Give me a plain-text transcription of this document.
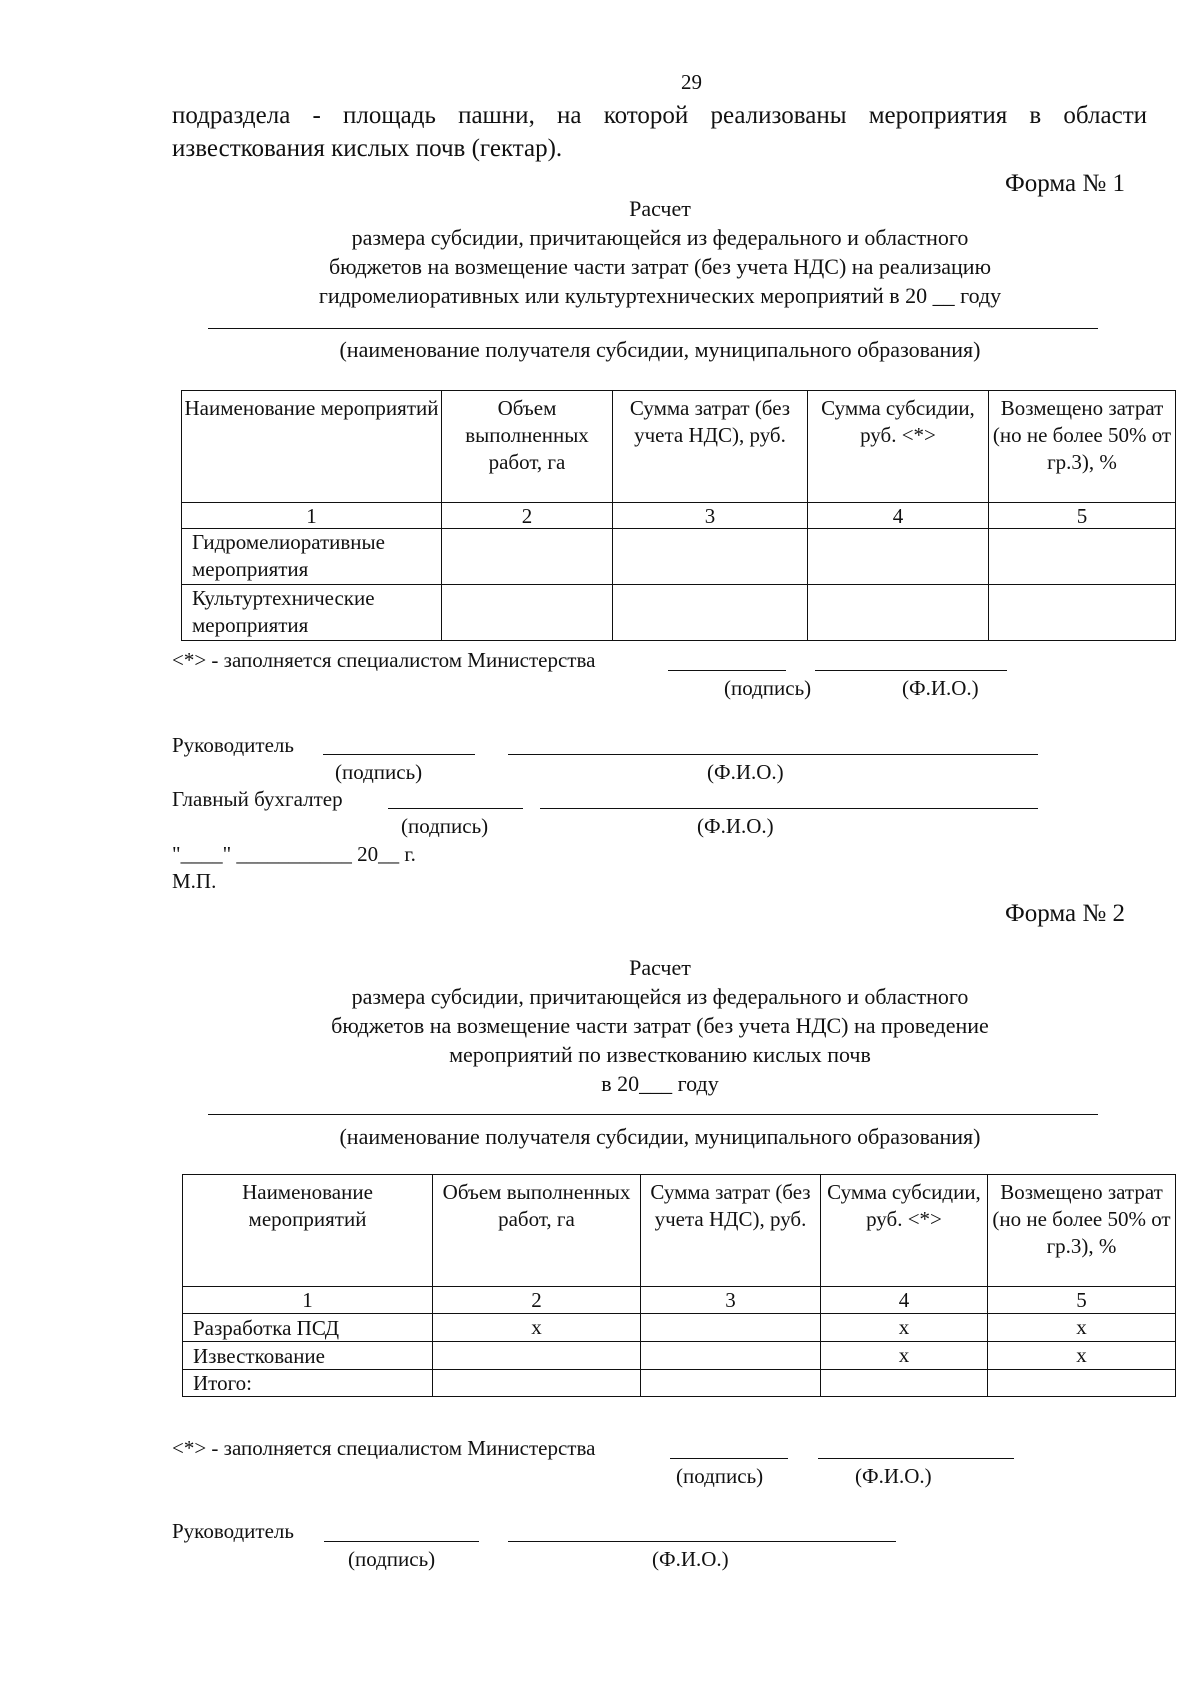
29
подраздела - площадь пашни, на которой реализованы мероприятия в области
известкования кислых почв (гектар).
Форма № 1
Расчет
размера субсидии, причитающейся из федерального и областного
бюджетов на возмещение части затрат (без учета НДС) на реализацию
гидромелиоративных или культуртехнических мероприятий в 20 __ году
(наименование получателя субсидии, муниципального образования)
Наименование мероприятий	Объем выполненных работ, га	Сумма затрат (без учета НДС), руб.	Сумма субсидии, руб. <*>	Возмещено затрат (но не более 50% от гр.3), %
1	2	3	4	5
Гидромелиоративные мероприятия				
Культуртехнические мероприятия				
<*> - заполняется специалистом Министерства
(подпись)	(Ф.И.О.)
Руководитель
(подпись)	(Ф.И.О.)
Главный бухгалтер
(подпись)	(Ф.И.О.)
"____" ___________ 20__ г.
М.П.
Форма № 2
Расчет
размера субсидии, причитающейся из федерального и областного
бюджетов на возмещение части затрат (без учета НДС) на проведение
мероприятий по известкованию кислых почв
в 20___ году
(наименование получателя субсидии, муниципального образования)
Наименование мероприятий	Объем выполненных работ, га	Сумма затрат (без учета НДС), руб.	Сумма субсидии, руб. <*>	Возмещено затрат (но не более 50% от гр.3), %
1	2	3	4	5
Разработка ПСД	х		х	х
Известкование			х	х
Итого:				
<*> - заполняется специалистом Министерства
(подпись)	(Ф.И.О.)
Руководитель
(подпись)	(Ф.И.О.)
